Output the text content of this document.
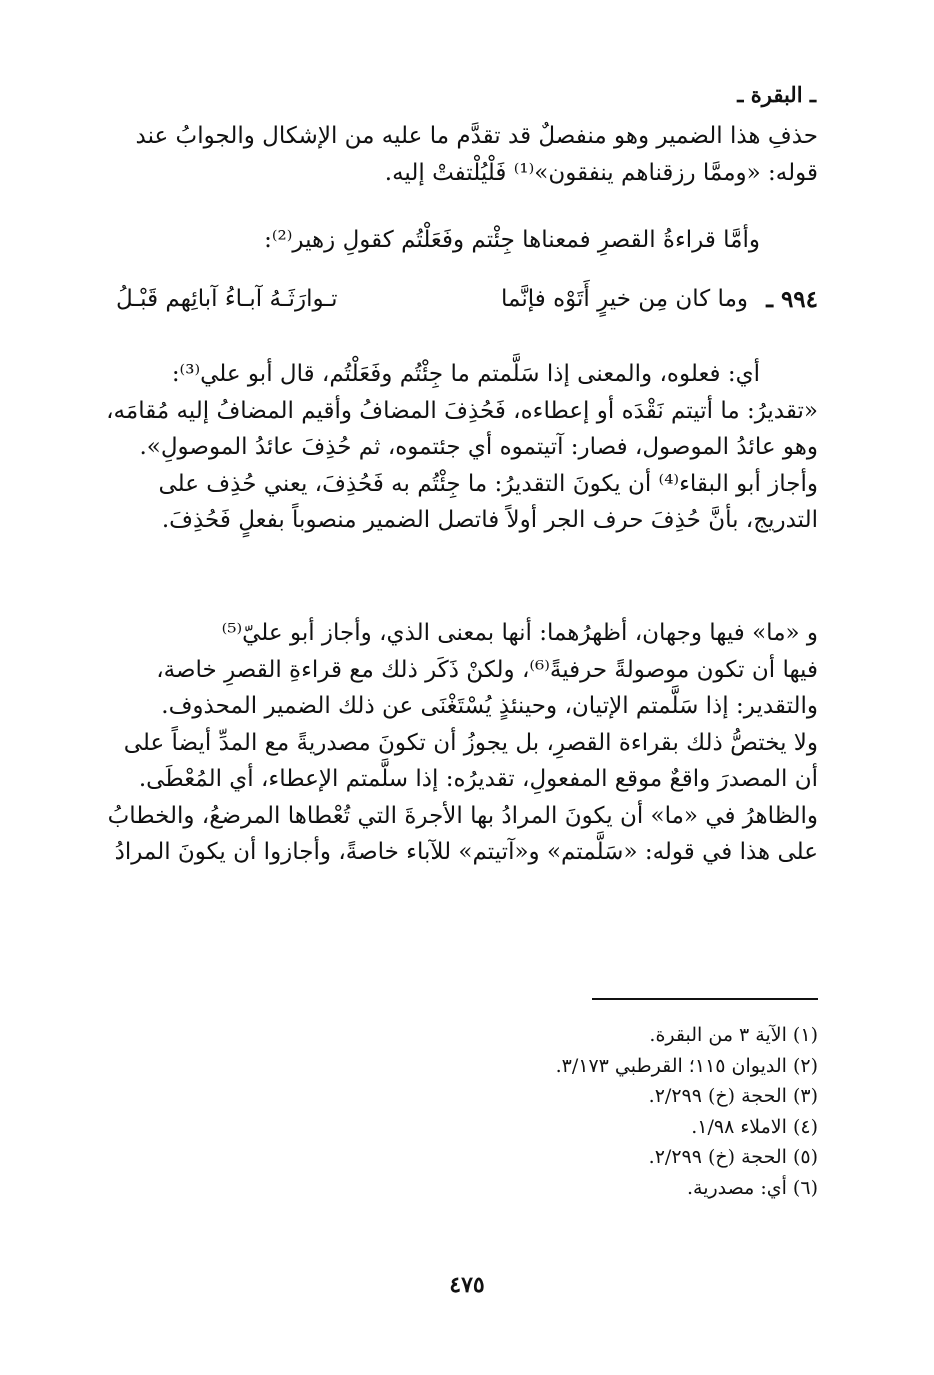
ـ البقرة ـ
حذفِ هذا الضمير وهو منفصلٌ قد تقدَّم ما عليه من الإشكال والجوابُ عند
قوله: «وممَّا رزقناهم ينفقون»⁽¹⁾ فَلْيُلْتفتْ إليه.
وأمَّا قراءةُ القصرِ فمعناها جِئْتم وفَعَلْتُم كقولِ زهير⁽²⁾:
٩٩٤ ـ
وما كان مِن خيرٍ أَتَوْه فإنَّما
تـوارَثَـهُ آبـاءُ آبائِهم قَبْـلُ
أي: فعلوه، والمعنى إذا سَلَّمتم ما جِئْتُم وفَعَلْتُم، قال أبو علي⁽³⁾:
«تقديرُ: ما أتيتم نَقْدَه أو إعطاءه، فَحُذِفَ المضافُ وأقيم المضافُ إليه مُقامَه،
وهو عائدُ الموصول، فصار: آتيتموه أي جئتموه، ثم حُذِفَ عائدُ الموصولِ».
وأجاز أبو البقاء⁽⁴⁾ أن يكونَ التقديرُ: ما جِئْتُم به فَحُذِفَ، يعني حُذِف على
التدريج، بأنَّ حُذِفَ حرف الجر أولاً فاتصل الضمير منصوباً بفعلٍ فَحُذِفَ.
و «ما» فيها وجهان، أظهرُهما: أنها بمعنى الذي، وأجاز أبو عليّ⁽⁵⁾
فيها أن تكون موصولةً حرفيةً⁽⁶⁾، ولكنْ ذَكَر ذلك مع قراءةِ القصرِ خاصة،
والتقدير: إذا سَلَّمتم الإتيان، وحينئذٍ يُسْتَغْنَى عن ذلك الضمير المحذوف.
ولا يختصُّ ذلك بقراءة القصرِ، بل يجوزُ أن تكونَ مصدريةً مع المدِّ أيضاً على
أن المصدرَ واقعٌ موقع المفعولِ، تقديرُه: إذا سلَّمتم الإعطاء، أي المُعْطَى.
والظاهرُ في «ما» أن يكونَ المرادُ بها الأجرةَ التي تُعْطاها المرضعُ، والخطابُ
على هذا في قوله: «سَلَّمتم» و«آتيتم» للآباء خاصةً، وأجازوا أن يكونَ المرادُ
(١) الآية ٣ من البقرة.
(٢) الديوان ١١٥؛ القرطبي ٣/١٧٣.
(٣) الحجة (خ) ٢/٢٩٩.
(٤) الاملاء ١/٩٨.
(٥) الحجة (خ) ٢/٢٩٩.
(٦) أي: مصدرية.
٤٧٥
